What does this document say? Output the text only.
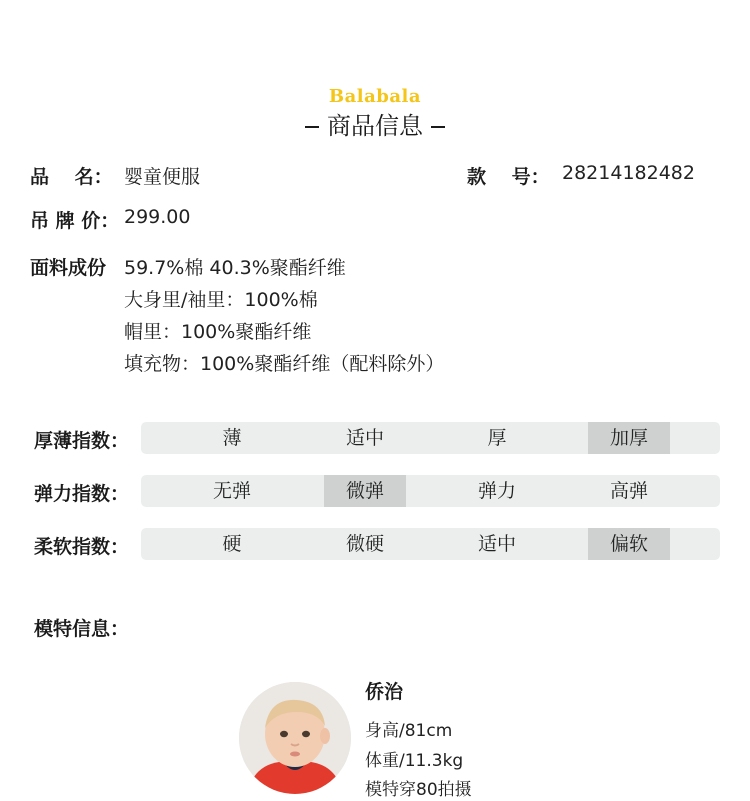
Balabala
商品信息
品　 名： 婴童便服	款　 号： 28214182482
吊 牌 价： 299.00
面料成份 59.7%棉 40.3%聚酯纤维
大身里/袖里：100%棉
帽里：100%聚酯纤维
填充物：100%聚酯纤维（配料除外）
厚薄指数：	薄	适中	厚	加厚
弹力指数：	无弹	微弹	弹力	高弹
柔软指数：	硬	微硬	适中	偏软
模特信息：
侨治
身高/81cm
体重/11.3kg
模特穿80拍摄
